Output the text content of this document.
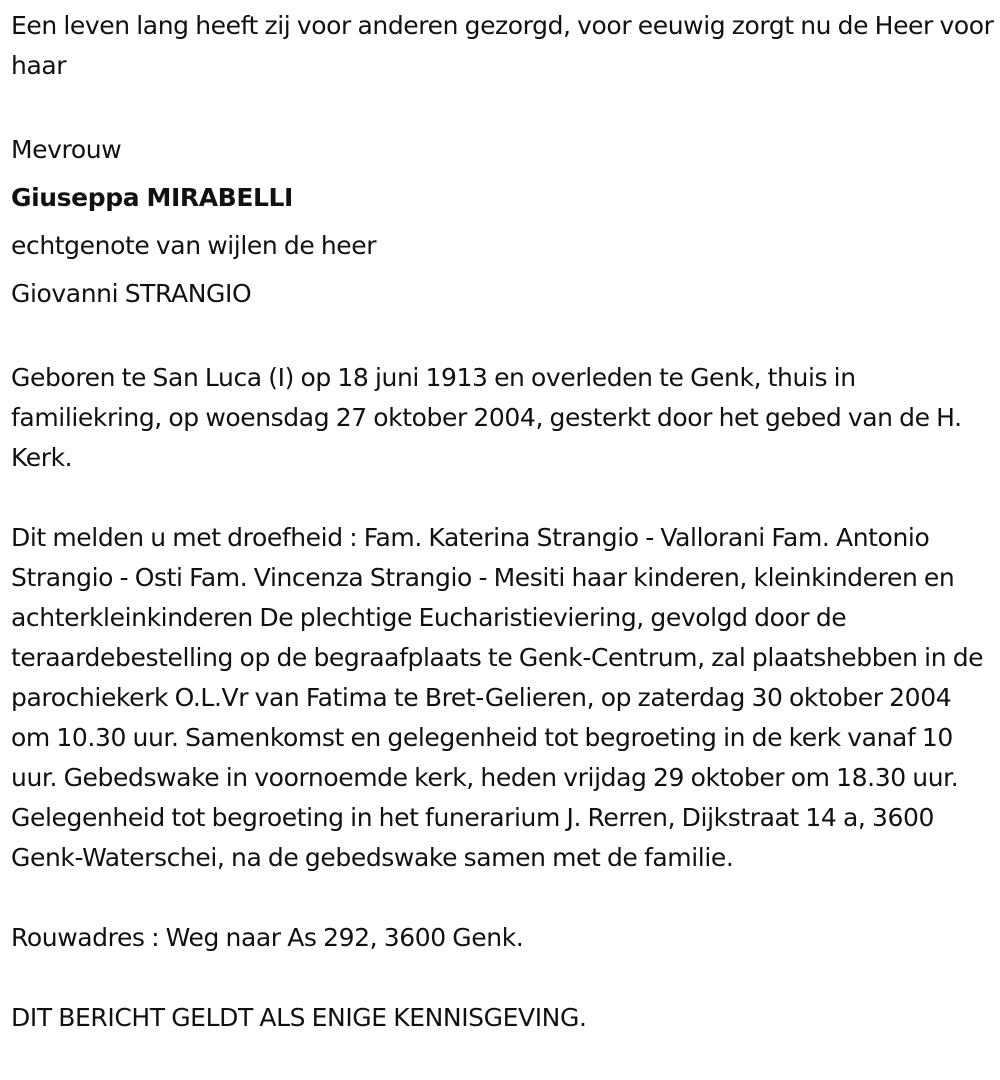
Een leven lang heeft zij voor anderen gezorgd, voor eeuwig zorgt nu de Heer voor haar

Mevrouw

Giuseppa MIRABELLI

echtgenote van wijlen de heer

Giovanni STRANGIO

Geboren te San Luca (I) op 18 juni 1913 en overleden te Genk, thuis in familiekring, op woensdag 27 oktober 2004, gesterkt door het gebed van de H. Kerk.

Dit melden u met droefheid : Fam. Katerina Strangio - Vallorani Fam. Antonio Strangio - Osti Fam. Vincenza Strangio - Mesiti haar kinderen, kleinkinderen en achterkleinkinderen De plechtige Eucharistieviering, gevolgd door de teraardebestelling op de begraafplaats te Genk-Centrum, zal plaatshebben in de parochiekerk O.L.Vr van Fatima te Bret-Gelieren, op zaterdag 30 oktober 2004 om 10.30 uur. Samenkomst en gelegenheid tot begroeting in de kerk vanaf 10 uur. Gebedswake in voornoemde kerk, heden vrijdag 29 oktober om 18.30 uur. Gelegenheid tot begroeting in het funerarium J. Rerren, Dijkstraat 14 a, 3600 Genk-Waterschei, na de gebedswake samen met de familie.

Rouwadres : Weg naar As 292, 3600 Genk.

DIT BERICHT GELDT ALS ENIGE KENNISGEVING.
